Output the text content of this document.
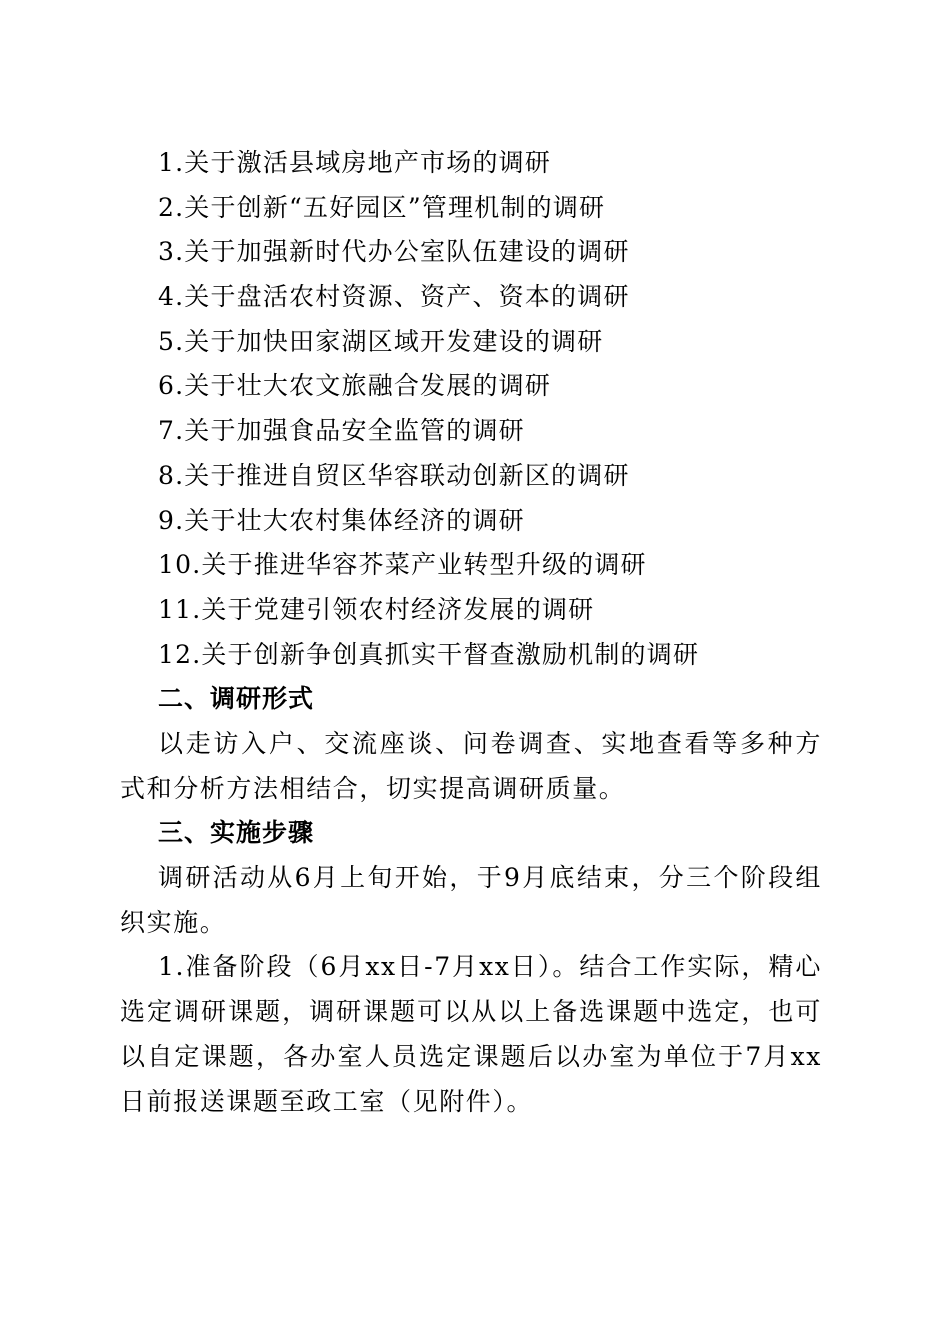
1.关于激活县域房地产市场的调研
2.关于创新“五好园区”管理机制的调研
3.关于加强新时代办公室队伍建设的调研
4.关于盘活农村资源、资产、资本的调研
5.关于加快田家湖区域开发建设的调研
6.关于壮大农文旅融合发展的调研
7.关于加强食品安全监管的调研
8.关于推进自贸区华容联动创新区的调研
9.关于壮大农村集体经济的调研
10.关于推进华容芥菜产业转型升级的调研
11.关于党建引领农村经济发展的调研
12.关于创新争创真抓实干督查激励机制的调研
二、调研形式

以走访入户、交流座谈、问卷调查、实地查看等多种方式和分析方法相结合，切实提高调研质量。

三、实施步骤

调研活动从6月上旬开始，于9月底结束，分三个阶段组织实施。

1.准备阶段（6月xx日-7月xx日）。结合工作实际，精心选定调研课题，调研课题可以从以上备选课题中选定，也可以自定课题，各办室人员选定课题后以办室为单位于7月xx日前报送课题至政工室（见附件）。
